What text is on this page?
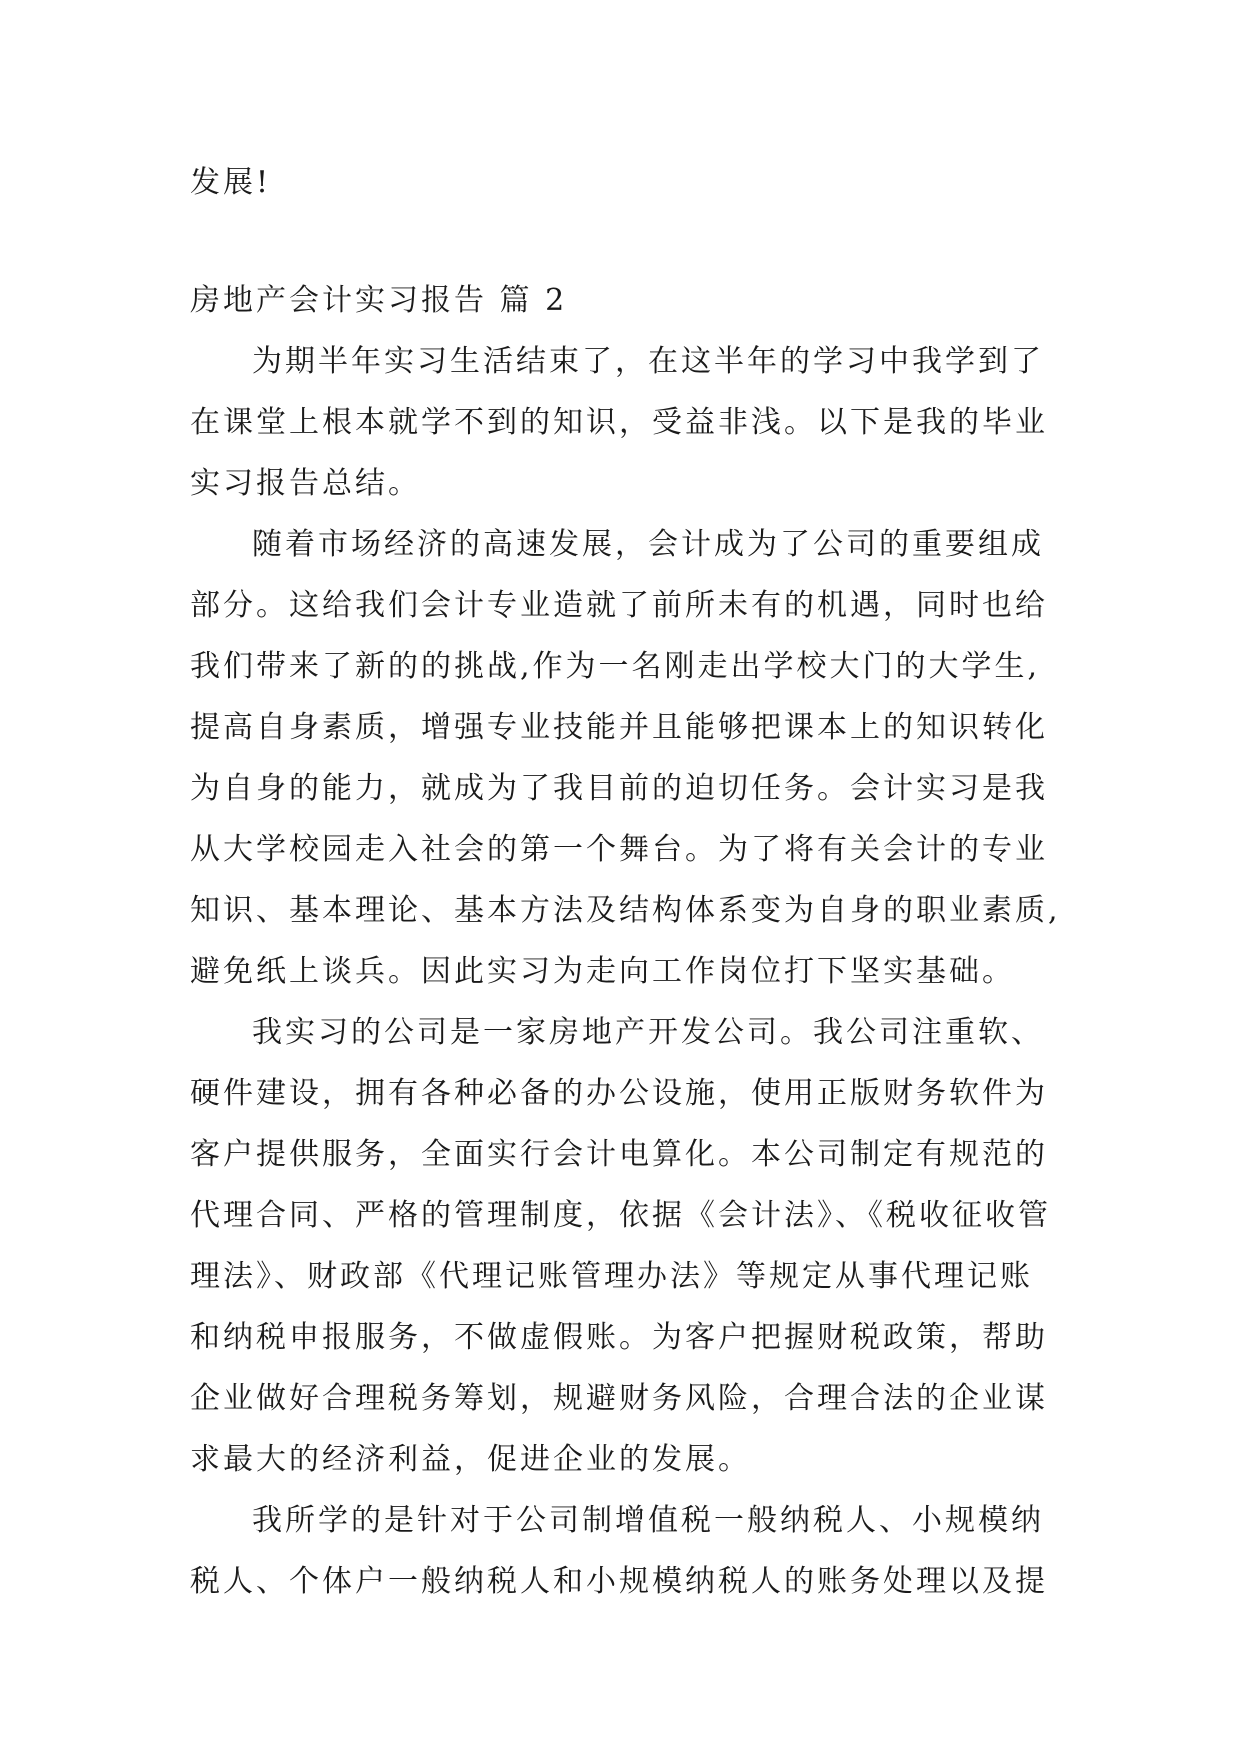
发展!
房地产会计实习报告 篇 2
为期半年实习生活结束了，在这半年的学习中我学到了
在课堂上根本就学不到的知识，受益非浅。以下是我的毕业
实习报告总结。
随着市场经济的高速发展，会计成为了公司的重要组成
部分。这给我们会计专业造就了前所未有的机遇，同时也给
我们带来了新的的挑战,作为一名刚走出学校大门的大学生,
提高自身素质，增强专业技能并且能够把课本上的知识转化
为自身的能力，就成为了我目前的迫切任务。会计实习是我
从大学校园走入社会的第一个舞台。为了将有关会计的专业
知识、基本理论、基本方法及结构体系变为自身的职业素质,
避免纸上谈兵。因此实习为走向工作岗位打下坚实基础。
我实习的公司是一家房地产开发公司。我公司注重软、
硬件建设，拥有各种必备的办公设施，使用正版财务软件为
客户提供服务，全面实行会计电算化。本公司制定有规范的
代理合同、严格的管理制度，依据《会计法》、《税收征收管
理法》、财政部《代理记账管理办法》等规定从事代理记账
和纳税申报服务，不做虚假账。为客户把握财税政策，帮助
企业做好合理税务筹划，规避财务风险，合理合法的企业谋
求最大的经济利益，促进企业的发展。
我所学的是针对于公司制增值税一般纳税人、小规模纳
税人、个体户一般纳税人和小规模纳税人的账务处理以及提
